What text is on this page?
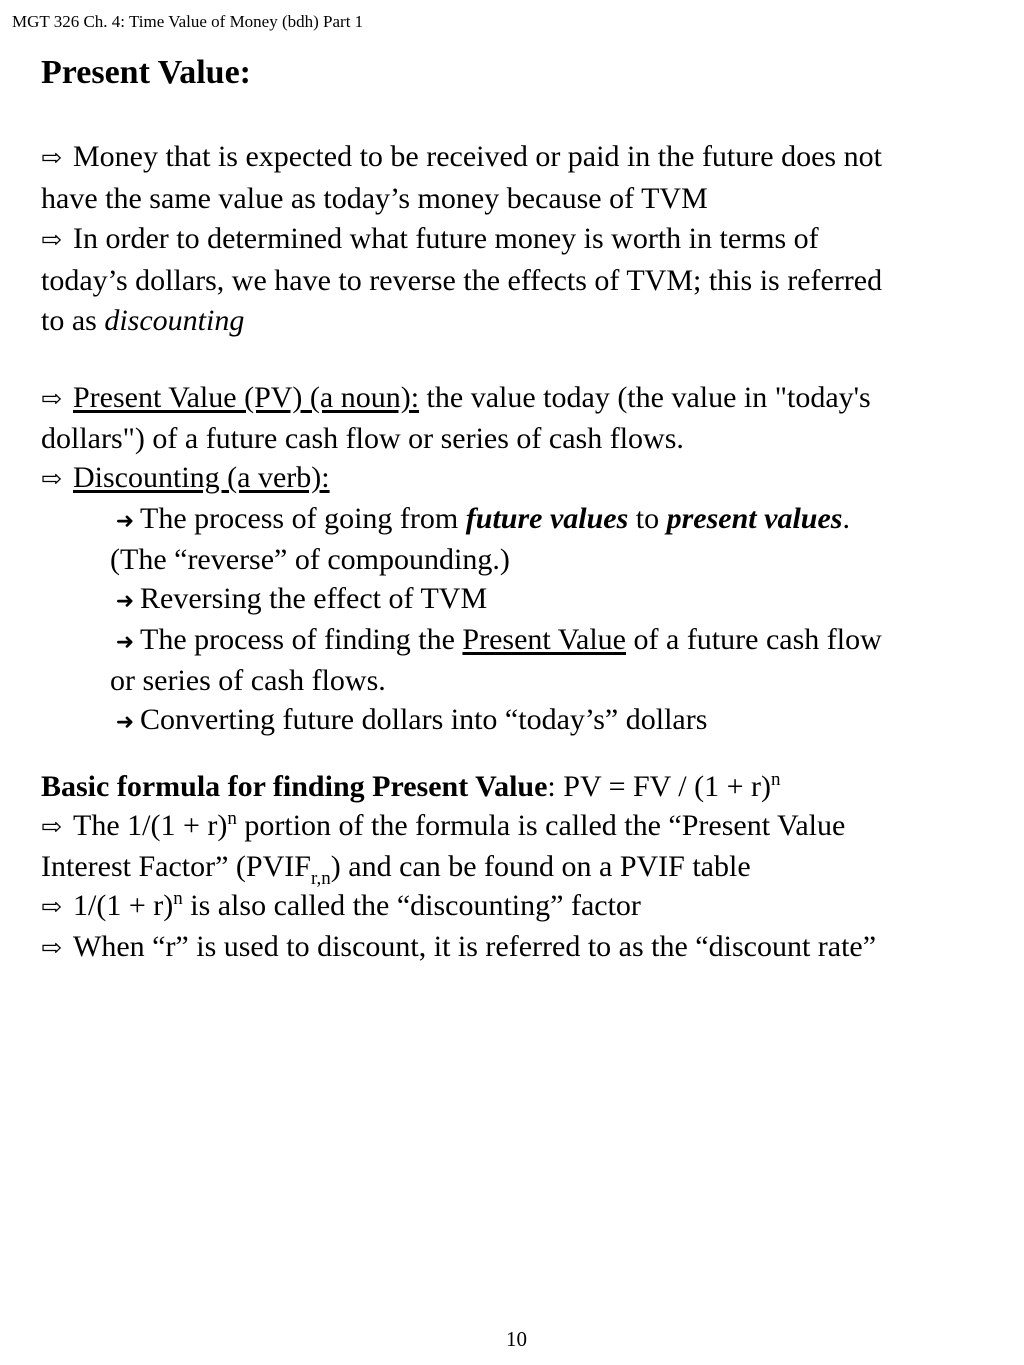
MGT 326 Ch. 4: Time Value of Money (bdh) Part 1
Present Value:
⇨ Money that is expected to be received or paid in the future does not
have the same value as today’s money because of TVM
⇨ In order to determined what future money is worth in terms of
today’s dollars, we have to reverse the effects of TVM; this is referred
to as discounting
⇨ Present Value (PV) (a noun): the value today (the value in "today's
dollars") of a future cash flow or series of cash flows.
⇨ Discounting (a verb):
➜ The process of going from future values to present values.
(The “reverse” of compounding.)
➜ Reversing the effect of TVM
➜ The process of finding the Present Value of a future cash flow
or series of cash flows.
➜ Converting future dollars into “today’s” dollars
Basic formula for finding Present Value: PV = FV / $(1 + r)^n$
⇨ The $1/(1 + r)^n$ portion of the formula is called the “Present Value
Interest Factor” $(PVIF_{r,n})$ and can be found on a PVIF table
⇨ $1/(1 + r)^n$ is also called the “discounting” factor
⇨ When “r” is used to discount, it is referred to as the “discount rate”
10
